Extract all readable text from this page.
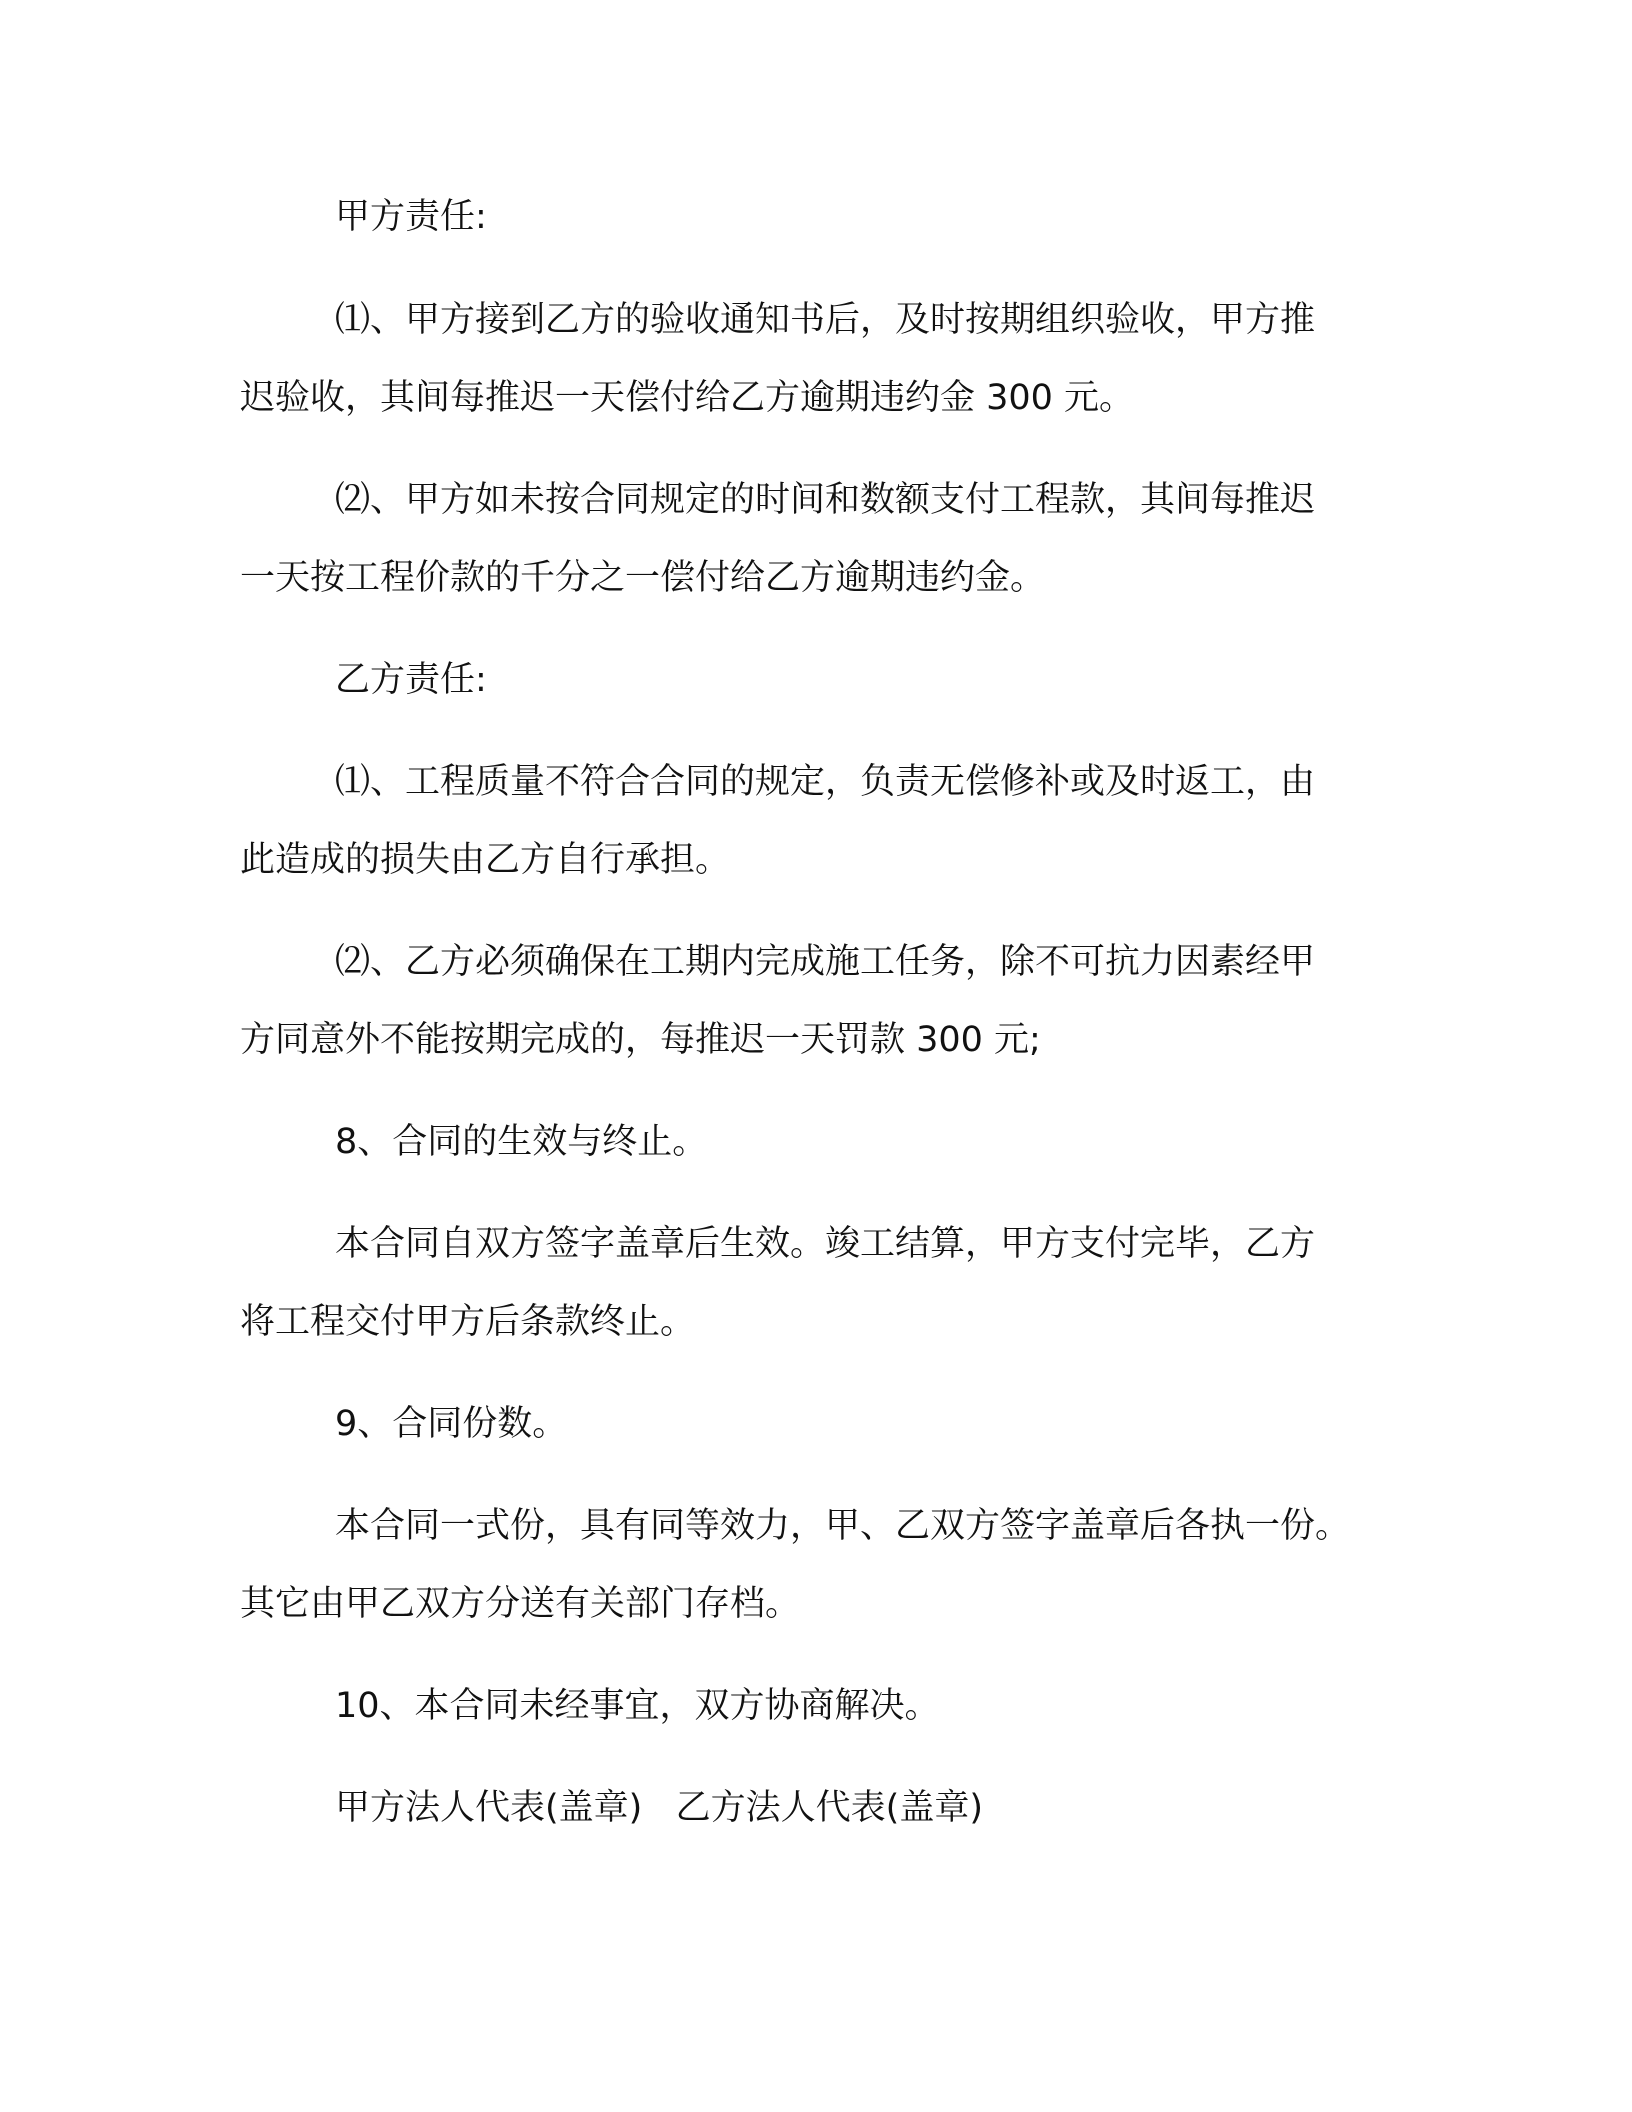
甲方责任:
⑴、甲方接到乙方的验收通知书后，及时按期组织验收，甲方推
迟验收，其间每推迟一天偿付给乙方逾期违约金 300 元。
⑵、甲方如未按合同规定的时间和数额支付工程款，其间每推迟
一天按工程价款的千分之一偿付给乙方逾期违约金。
乙方责任:
⑴、工程质量不符合合同的规定，负责无偿修补或及时返工，由
此造成的损失由乙方自行承担。
⑵、乙方必须确保在工期内完成施工任务，除不可抗力因素经甲
方同意外不能按期完成的，每推迟一天罚款 300 元;
8、合同的生效与终止。
本合同自双方签字盖章后生效。竣工结算，甲方支付完毕，乙方
将工程交付甲方后条款终止。
9、合同份数。
本合同一式份，具有同等效力，甲、乙双方签字盖章后各执一份。
其它由甲乙双方分送有关部门存档。
10、本合同未经事宜，双方协商解决。
甲方法人代表(盖章)   乙方法人代表(盖章)
